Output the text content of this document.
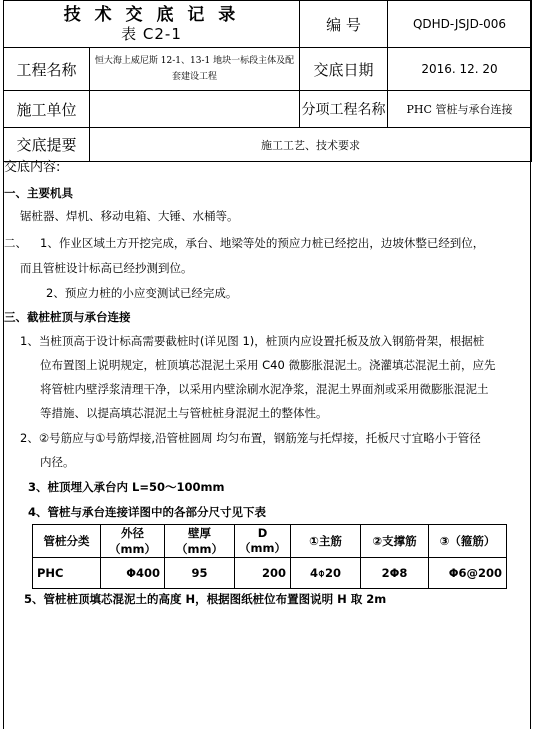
技 术 交 底 记 录
表 C2-1		编 号	QDHD-JSJD-006
工程名称	恒大海上威尼斯 12-1、13-1 地块一标段主体及配套建设工程	交底日期	2016. 12. 20
施工单位		分项工程名称	PHC 管桩与承台连接
交底提要	施工工艺、技术要求		
交底内容:
一、主要机具
锯桩器、焊机、移动电箱、大锤、水桶等。
二、 1、作业区域土方开挖完成，承台、地梁等处的预应力桩已经挖出，边坡休整已经到位，
而且管桩设计标高已经抄测到位。
2、预应力桩的小应变测试已经完成。
三、截桩桩顶与承台连接
1、当桩顶高于设计标高需要截桩时(详见图 1)，桩顶内应设置托板及放入钢筋骨架，根据桩
位布置图上说明规定，桩顶填芯混泥土采用 C40 微膨胀混泥土。浇灌填芯混泥土前，应先
将管桩内壁浮浆清理干净，以采用内壁涂刷水泥净浆，混泥土界面剂或采用微膨胀混泥土
等措施、以提高填芯混泥土与管桩桩身混泥土的整体性。
2、②号筋应与①号筋焊接,沿管桩圆周 均匀布置，钢筋笼与托焊接，托板尺寸宜略小于管径
内径。
3、桩顶埋入承台内 L=50～100mm
4、管桩与承台连接详图中的各部分尺寸见下表
5、管桩桩顶填芯混泥土的高度 H，根据图纸桩位布置图说明 H 取 2m
管桩分类	外径（mm）	壁厚（mm）	D（mm）	①主筋	②支撑筋	③（箍筋）
PHC	Φ400	95	200	4⌽20	2Φ8	Φ6@200
